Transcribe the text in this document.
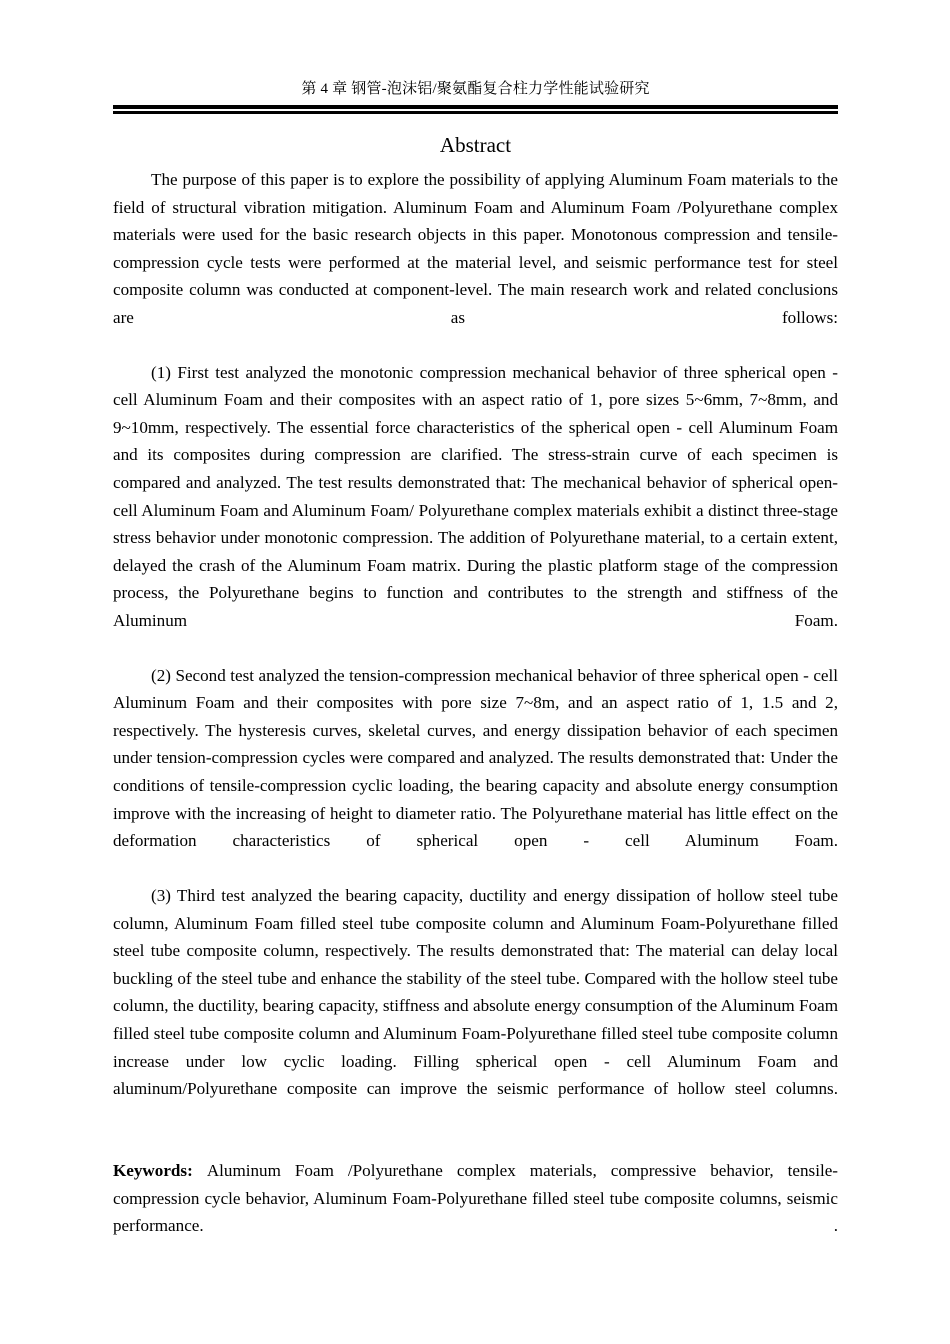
第 4 章 钢管-泡沫铝/聚氨酯复合柱力学性能试验研究
Abstract

The purpose of this paper is to explore the possibility of applying Aluminum Foam materials to the field of structural vibration mitigation. Aluminum Foam and Aluminum Foam /Polyurethane complex materials were used for the basic research objects in this paper. Monotonous compression and tensile-compression cycle tests were performed at the material level, and seismic performance test for steel composite column was conducted at component-level. The main research work and related conclusions are as follows:

(1) First test analyzed the monotonic compression mechanical behavior of three spherical open - cell Aluminum Foam and their composites with an aspect ratio of 1, pore sizes 5~6mm, 7~8mm, and 9~10mm, respectively. The essential force characteristics of the spherical open - cell Aluminum Foam and its composites during compression are clarified. The stress-strain curve of each specimen is compared and analyzed. The test results demonstrated that: The mechanical behavior of spherical open-cell Aluminum Foam and Aluminum Foam/ Polyurethane complex materials exhibit a distinct three-stage stress behavior under monotonic compression. The addition of Polyurethane material, to a certain extent, delayed the crash of the Aluminum Foam matrix. During the plastic platform stage of the compression process, the Polyurethane begins to function and contributes to the strength and stiffness of the Aluminum Foam.

(2) Second test analyzed the tension-compression mechanical behavior of three spherical open - cell Aluminum Foam and their composites with pore size 7~8m, and an aspect ratio of 1, 1.5 and 2, respectively. The hysteresis curves, skeletal curves, and energy dissipation behavior of each specimen under tension-compression cycles were compared and analyzed. The results demonstrated that: Under the conditions of tensile-compression cyclic loading, the bearing capacity and absolute energy consumption improve with the increasing of height to diameter ratio. The Polyurethane material has little effect on the deformation characteristics of spherical open - cell Aluminum Foam.

(3) Third test analyzed the bearing capacity, ductility and energy dissipation of hollow steel tube column, Aluminum Foam filled steel tube composite column and Aluminum Foam-Polyurethane filled steel tube composite column, respectively. The results demonstrated that: The material can delay local buckling of the steel tube and enhance the stability of the steel tube. Compared with the hollow steel tube column, the ductility, bearing capacity, stiffness and absolute energy consumption of the Aluminum Foam filled steel tube composite column and Aluminum Foam-Polyurethane filled steel tube composite column increase under low cyclic loading. Filling spherical open - cell Aluminum Foam and aluminum/Polyurethane composite can improve the seismic performance of hollow steel columns.

Keywords: Aluminum Foam /Polyurethane complex materials, compressive behavior, tensile-compression cycle behavior, Aluminum Foam-Polyurethane filled steel tube composite columns, seismic performance. .
